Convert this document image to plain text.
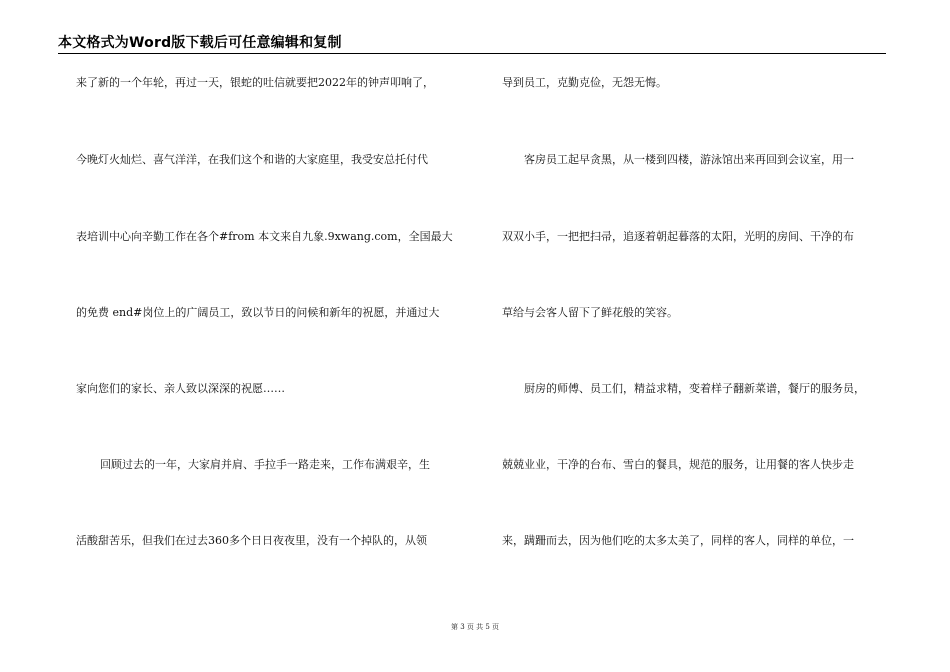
本文格式为Word版下载后可任意编辑和复制
来了新的一个年轮，再过一天，银蛇的吐信就要把2022年的钟声叩响了，
今晚灯火灿烂、喜气洋洋，在我们这个和谐的大家庭里，我受安总托付代
表培训中心向辛勤工作在各个#from 本文来自九象.9xwang.com，全国最大
的免费 end#岗位上的广阔员工，致以节日的问候和新年的祝愿，并通过大
家向您们的家长、亲人致以深深的祝愿……
回顾过去的一年，大家肩并肩、手拉手一路走来，工作布满艰辛，生
活酸甜苦乐，但我们在过去360多个日日夜夜里，没有一个掉队的，从领
导到员工，克勤克俭，无怨无悔。
客房员工起早贪黑，从一楼到四楼，游泳馆出来再回到会议室，用一
双双小手，一把把扫帚，追逐着朝起暮落的太阳，光明的房间、干净的布
草给与会客人留下了鲜花般的笑容。
厨房的师傅、员工们，精益求精，变着样子翻新菜谱，餐厅的服务员，
兢兢业业，干净的台布、雪白的餐具，规范的服务，让用餐的客人快步走
来，蹒跚而去，因为他们吃的太多太美了，同样的客人，同样的单位，一
第 3 页 共 5 页
